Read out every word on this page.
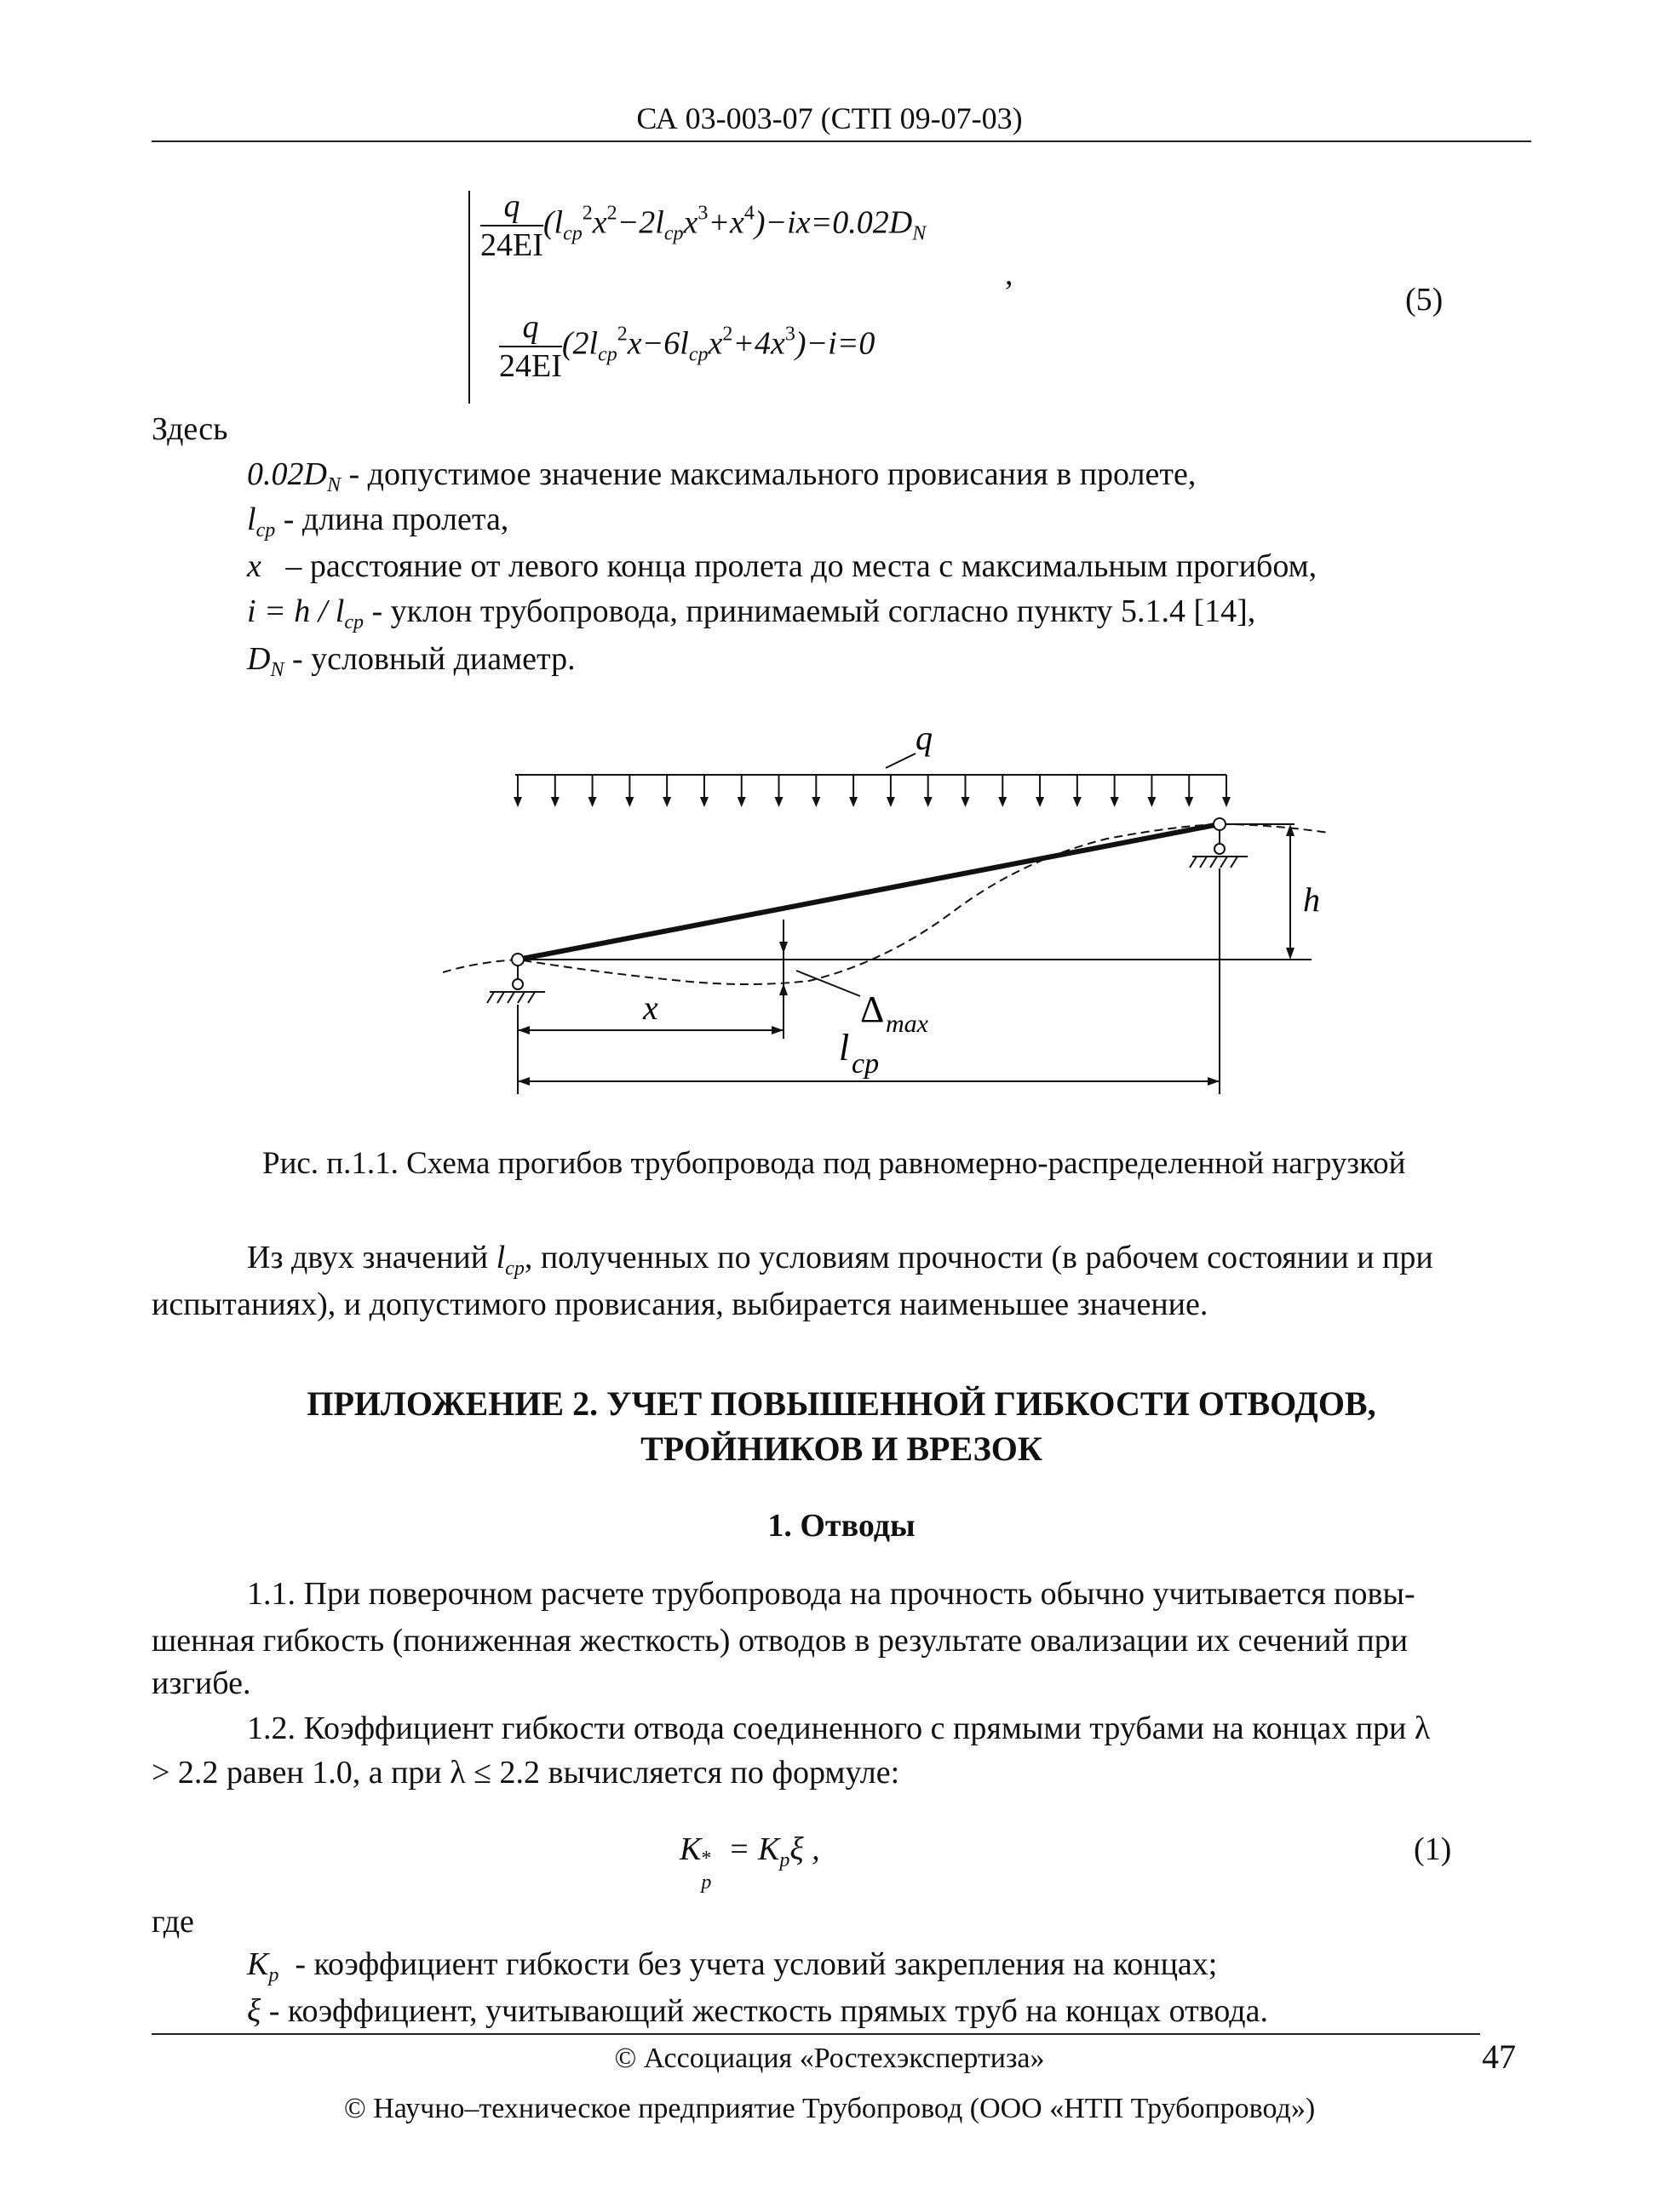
СА 03-003-07 (СТП 09-07-03)
$\frac{q}{24EI} (l_{cp}^2x^2-2l_{cp}x^3+x^4)-ix=0.02D_N$
,
$\frac{q}{24EI} (2l_{cp}^2x-6l_{cp}x^2+4x^3)-i=0$
(5)
Здесь
$0.02D_N$ - допустимое значение максимального провисания в пролете,
$l_{cp}$ - длина пролета,
x   – расстояние от левого конца пролета до места с максимальным прогибом,
$i = h / l_{cp}$ - уклон трубопровода, принимаемый согласно пункту 5.1.4 [14],
$D_N$ - условный диаметр.
q
h
Δ max
x
l cp
Рис. п.1.1. Схема прогибов трубопровода под равномерно-распределенной нагрузкой
Из двух значений $l_{cp}$, полученных по условиям прочности (в рабочем состоянии и при
испытаниях), и допустимого провисания, выбирается наименьшее значение.
ПРИЛОЖЕНИЕ 2. УЧЕТ ПОВЫШЕННОЙ ГИБКОСТИ ОТВОДОВ,
ТРОЙНИКОВ И ВРЕЗОК
1. Отводы
1.1. При поверочном расчете трубопровода на прочность обычно учитывается повы-
шенная гибкость (пониженная жесткость) отводов в результате овализации их сечений при
изгибе.
1.2. Коэффициент гибкости отвода соединенного с прямыми трубами на концах при λ
> 2.2 равен 1.0, а при λ ≤ 2.2 вычисляется по формуле:
K *
p
= $K_p\xi$ ,	(1)
где
$K_p$  - коэффициент гибкости без учета условий закрепления на концах;
ξ - коэффициент, учитывающий жесткость прямых труб на концах отвода.
© Ассоциация «Ростехэкспертиза»	47
© Научно–техническое предприятие Трубопровод (ООО «НТП Трубопровод»)
